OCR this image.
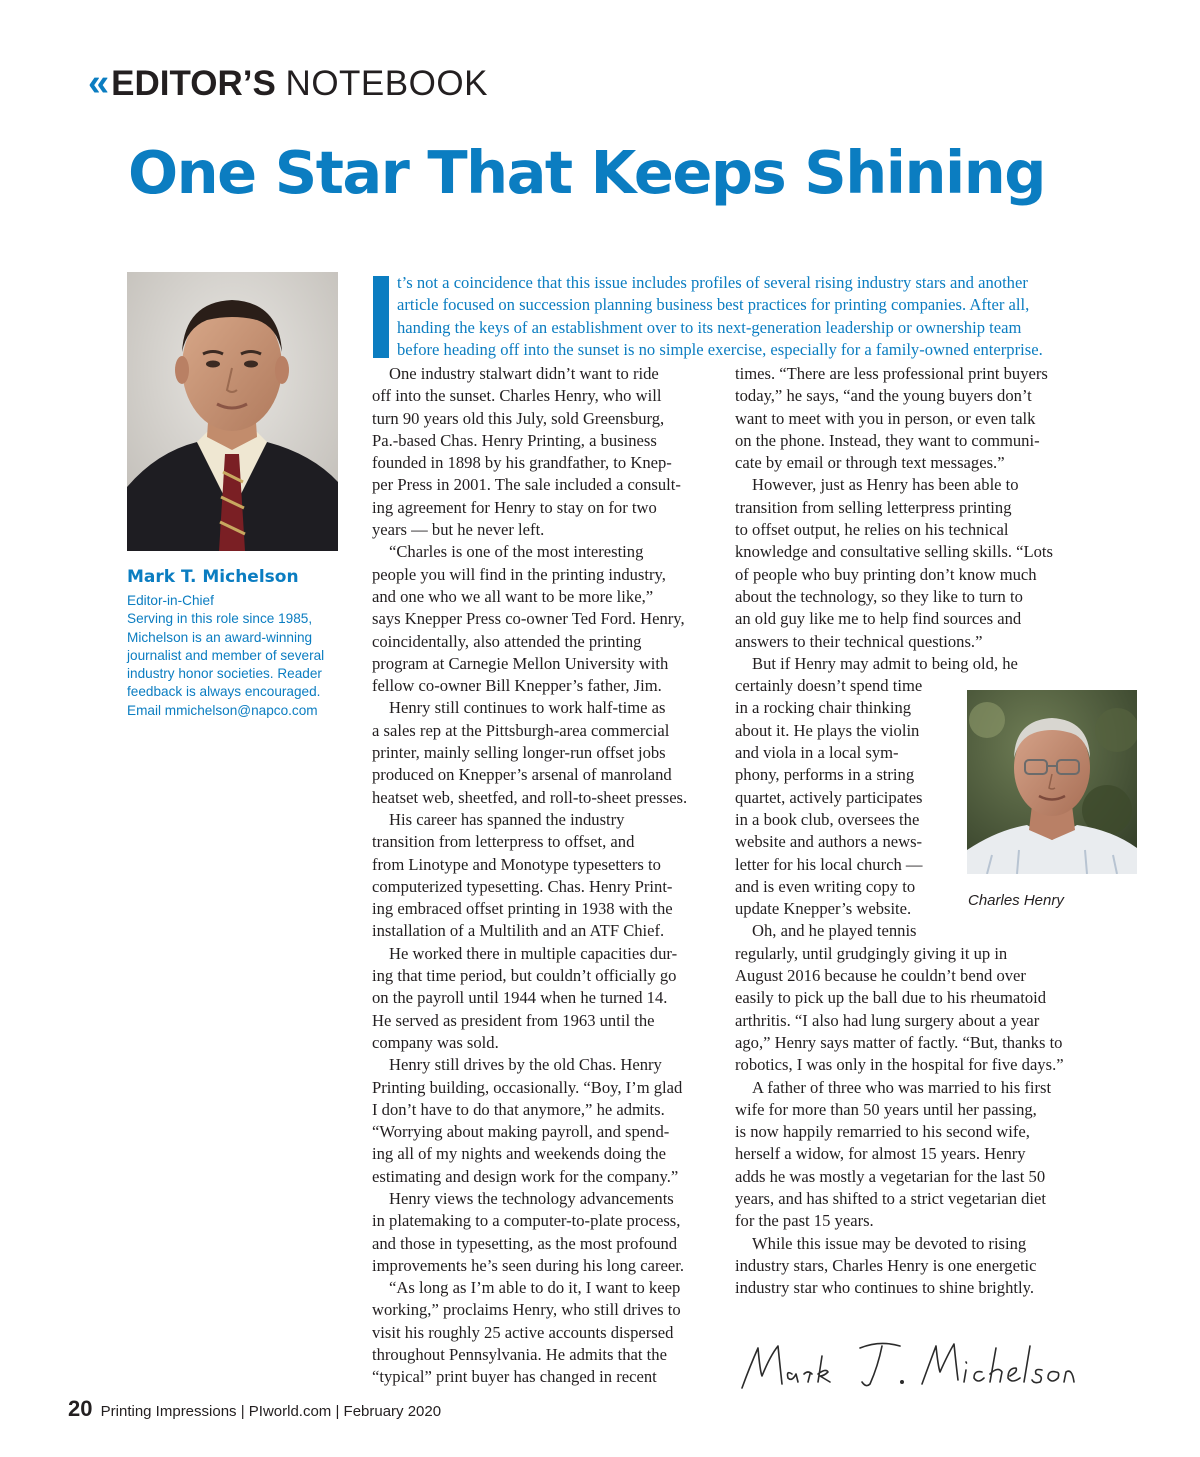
« EDITOR’S NOTEBOOK
One Star That Keeps Shining
Mark T. Michelson
Editor-in-Chief
Serving in this role since 1985,
Michelson is an award-winning
journalist and member of several
industry honor societies. Reader
feedback is always encouraged.
Email mmichelson@napco.com
t’s not a coincidence that this issue includes profiles of several rising industry stars and another
article focused on succession planning business best practices for printing companies. After all,
handing the keys of an establishment over to its next-generation leadership or ownership team
before heading off into the sunset is no simple exercise, especially for a family-owned enterprise.
One industry stalwart didn’t want to ride
off into the sunset. Charles Henry, who will
turn 90 years old this July, sold Greensburg,
Pa.-based Chas. Henry Printing, a business
founded in 1898 by his grandfather, to Knep-
per Press in 2001. The sale included a consult-
ing agreement for Henry to stay on for two
years — but he never left.
“Charles is one of the most interesting
people you will find in the printing industry,
and one who we all want to be more like,”
says Knepper Press co-owner Ted Ford. Henry,
coincidentally, also attended the printing
program at Carnegie Mellon University with
fellow co-owner Bill Knepper’s father, Jim.
Henry still continues to work half-time as
a sales rep at the Pittsburgh-area commercial
printer, mainly selling longer-run offset jobs
produced on Knepper’s arsenal of manroland
heatset web, sheetfed, and roll-to-sheet presses.
His career has spanned the industry
transition from letterpress to offset, and
from Linotype and Monotype typesetters to
computerized typesetting. Chas. Henry Print-
ing embraced offset printing in 1938 with the
installation of a Multilith and an ATF Chief.
He worked there in multiple capacities dur-
ing that time period, but couldn’t officially go
on the payroll until 1944 when he turned 14.
He served as president from 1963 until the
company was sold.
Henry still drives by the old Chas. Henry
Printing building, occasionally. “Boy, I’m glad
I don’t have to do that anymore,” he admits.
“Worrying about making payroll, and spend-
ing all of my nights and weekends doing the
estimating and design work for the company.”
Henry views the technology advancements
in platemaking to a computer-to-plate process,
and those in typesetting, as the most profound
improvements he’s seen during his long career.
“As long as I’m able to do it, I want to keep
working,” proclaims Henry, who still drives to
visit his roughly 25 active accounts dispersed
throughout Pennsylvania. He admits that the
“typical” print buyer has changed in recent
times. “There are less professional print buyers
today,” he says, “and the young buyers don’t
want to meet with you in person, or even talk
on the phone. Instead, they want to communi-
cate by email or through text messages.”
However, just as Henry has been able to
transition from selling letterpress printing
to offset output, he relies on his technical
knowledge and consultative selling skills. “Lots
of people who buy printing don’t know much
about the technology, so they like to turn to
an old guy like me to help find sources and
answers to their technical questions.”
But if Henry may admit to being old, he
certainly doesn’t spend time
in a rocking chair thinking
about it. He plays the violin
and viola in a local sym-
phony, performs in a string
quartet, actively participates
in a book club, oversees the
website and authors a news-
letter for his local church —
and is even writing copy to
update Knepper’s website.
Oh, and he played tennis
regularly, until grudgingly giving it up in
August 2016 because he couldn’t bend over
easily to pick up the ball due to his rheumatoid
arthritis. “I also had lung surgery about a year
ago,” Henry says matter of factly. “But, thanks to
robotics, I was only in the hospital for five days.”
A father of three who was married to his first
wife for more than 50 years until her passing,
is now happily remarried to his second wife,
herself a widow, for almost 15 years. Henry
adds he was mostly a vegetarian for the last 50
years, and has shifted to a strict vegetarian diet
for the past 15 years.
While this issue may be devoted to rising
industry stars, Charles Henry is one energetic
industry star who continues to shine brightly.
Charles Henry
20 Printing Impressions | PIworld.com | February 2020
